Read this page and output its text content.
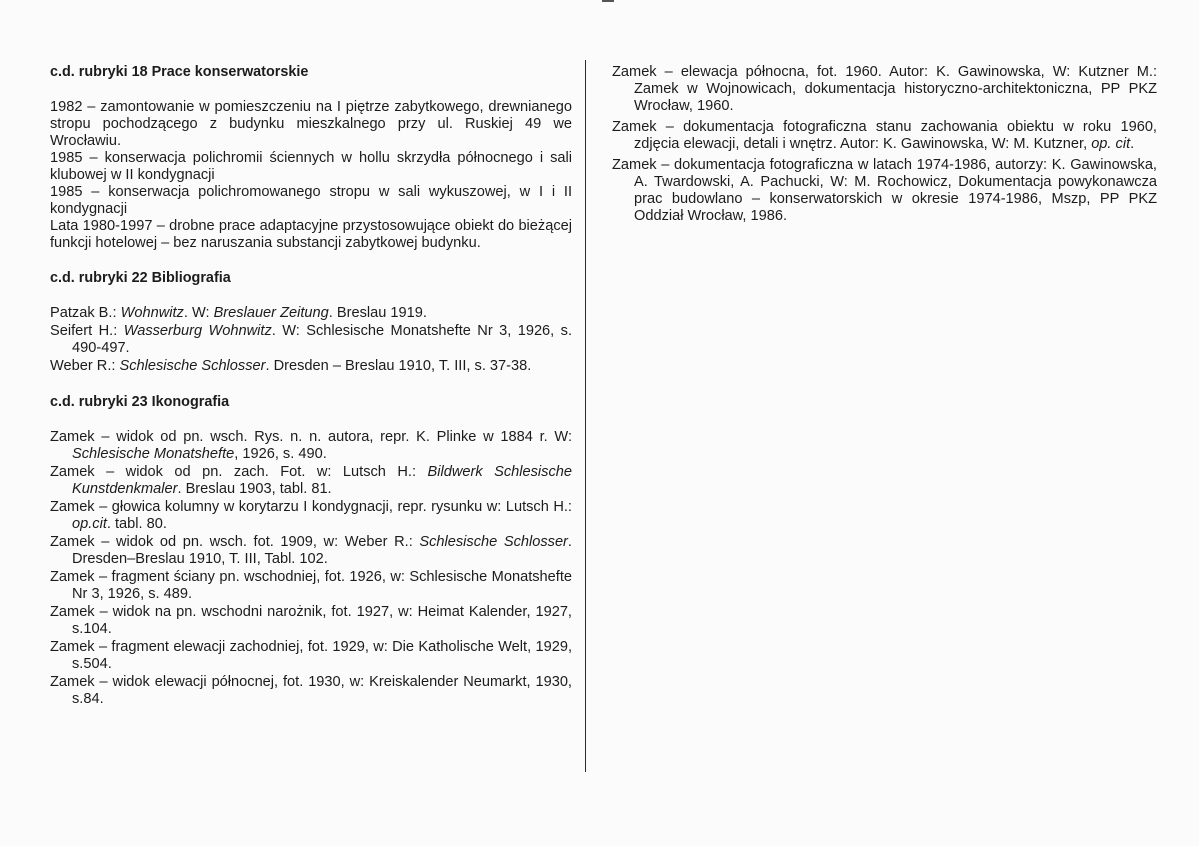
c.d. rubryki 18 Prace konserwatorskie

1982 – zamontowanie w pomieszczeniu na I piętrze zabytkowego, drewnianego stropu pochodzącego z budynku mieszkalnego przy ul. Ruskiej 49 we Wrocławiu.

1985 – konserwacja polichromii ściennych w hollu skrzydła północnego i sali klubowej w II kondygnacji

1985 – konserwacja polichromowanego stropu w sali wykuszowej, w I i II kondygnacji

Lata 1980-1997 – drobne prace adaptacyjne przystosowujące obiekt do bieżącej funkcji hotelowej – bez naruszania substancji zabytkowej budynku.

c.d. rubryki 22 Bibliografia

Patzak B.: Wohnwitz. W: Breslauer Zeitung. Breslau 1919.

Seifert H.: Wasserburg Wohnwitz. W: Schlesische Monatshefte Nr 3, 1926, s. 490-497.

Weber R.: Schlesische Schlosser. Dresden – Breslau 1910, T. III, s. 37-38.

c.d. rubryki 23 Ikonografia

Zamek – widok od pn. wsch. Rys. n. n. autora, repr. K. Plinke w 1884 r. W: Schlesische Monatshefte, 1926, s. 490.

Zamek – widok od pn. zach. Fot. w: Lutsch H.: Bildwerk Schlesische Kunstdenkmaler. Breslau 1903, tabl. 81.

Zamek – głowica kolumny w korytarzu I kondygnacji, repr. rysunku w: Lutsch H.: op.cit. tabl. 80.

Zamek – widok od pn. wsch. fot. 1909, w: Weber R.: Schlesische Schlosser. Dresden–Breslau 1910, T. III, Tabl. 102.

Zamek – fragment ściany pn. wschodniej, fot. 1926, w: Schlesische Monatshefte Nr 3, 1926, s. 489.

Zamek – widok na pn. wschodni narożnik, fot. 1927, w: Heimat Kalender, 1927, s.104.

Zamek – fragment elewacji zachodniej, fot. 1929, w: Die Katholische Welt, 1929, s.504.

Zamek – widok elewacji północnej, fot. 1930, w: Kreiskalender Neumarkt, 1930, s.84.

Zamek – elewacja północna, fot. 1960. Autor: K. Gawinowska, W: Kutzner M.: Zamek w Wojnowicach, dokumentacja historyczno-architektoniczna, PP PKZ Wrocław, 1960.

Zamek – dokumentacja fotograficzna stanu zachowania obiektu w roku 1960, zdjęcia elewacji, detali i wnętrz. Autor: K. Gawinowska, W: M. Kutzner, op. cit.

Zamek – dokumentacja fotograficzna w latach 1974-1986, autorzy: K. Gawinowska, A. Twardowski, A. Pachucki, W: M. Rochowicz, Dokumentacja powykonawcza prac budowlano – konserwatorskich w okresie 1974-1986, Mszp, PP PKZ Oddział Wrocław, 1986.
